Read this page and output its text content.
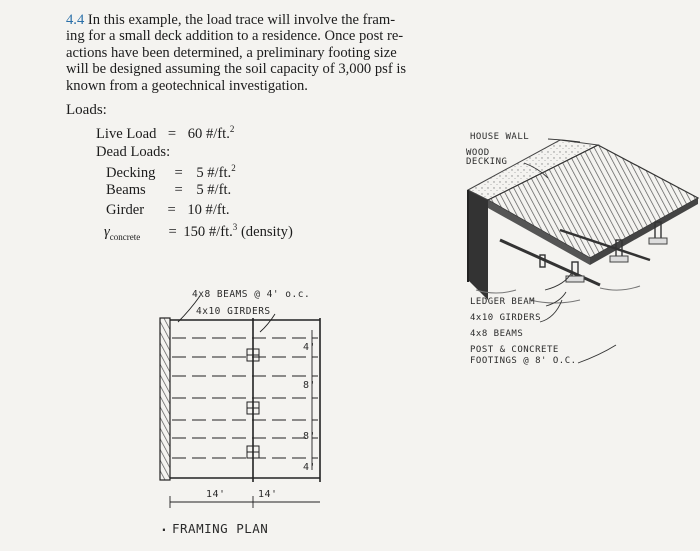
4.4 In this example, the load trace will involve the fram-
ing for a small deck addition to a residence. Once post re-
actions have been determined, a preliminary footing size
will be designed assuming the soil capacity of 3,000 psf is
known from a geotechnical investigation.
Loads:
Live Load = 60 #/ft.$^2$
Dead Loads:
Decking = 5 #/ft.$^2$
Beams = 5 #/ft.
Girder = 10 #/ft.
$\gamma_{concrete} = 150$ #/ft.$^3$ (density)
HOUSE WALL
WOOD
DECKING
LEDGER BEAM
4x10 GIRDERS
4x8 BEAMS
POST & CONCRETE
FOOTINGS @ 8' O.C.
4x8 BEAMS @ 4' o.c.
4x10 GIRDERS
4'
8'
8'
4'
14'	14'
. FRAMING PLAN
